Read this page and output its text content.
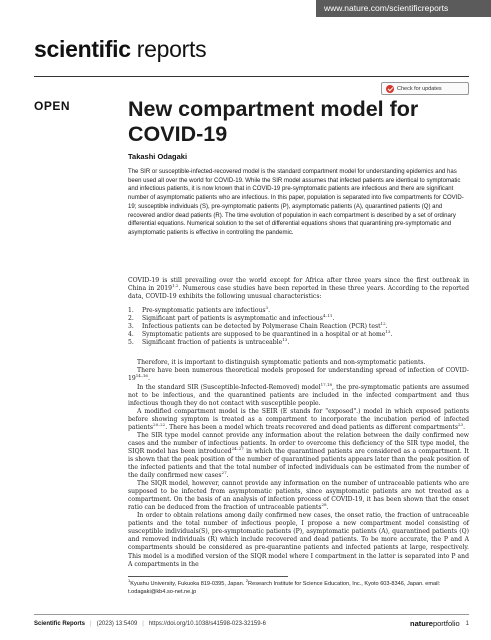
www.nature.com/scientificreports
scientific reports
Check for updates
OPEN	New compartment model for COVID-19
Takashi Odagaki
The SIR or susceptible-infected-recovered model is the standard compartment model for understanding epidemics and has been used all over the world for COVID-19. While the SIR model assumes that infected patients are identical to symptomatic and infectious patients, it is now known that in COVID-19 pre-symptomatic patients are infectious and there are significant number of asymptomatic patients who are infectious. In this paper, population is separated into five compartments for COVID-19; susceptible individuals (S), pre-symptomatic patients (P), asymptomatic patients (A), quarantined patients (Q) and recovered and/or dead patients (R). The time evolution of population in each compartment is described by a set of ordinary differential equations. Numerical solution to the set of differential equations shows that quarantining pre-symptomatic and asymptomatic patients is effective in controlling the pandemic.

COVID-19 is still prevailing over the world except for Africa after three years since the first outbreak in China in 2019$^{1,2}$. Numerous case studies have been reported in these three years. According to the reported data, COVID-19 exhibits the following unusual characteristics:

1.	Pre-symptomatic patients are infectious$^3$.
2.	Significant part of patients is asymptomatic and infectious$^{4-11}$.
3.	Infectious patients can be detected by Polymerase Chain Reaction (PCR) test$^{12}$.
4.	Symptomatic patients are supposed to be quarantined in a hospital or at home$^{13}$.
5.	Significant fraction of patients is untraceable$^{13}$.

Therefore, it is important to distinguish symptomatic patients and non-symptomatic patients.

There have been numerous theoretical models proposed for understanding spread of infection of COVID-19$^{14-16}$.

In the standard SIR (Susceptible-Infected-Removed) model$^{17,18}$, the pre-symptomatic patients are assumed not to be infectious, and the quarantined patients are included in the infected compartment and thus infectious though they do not contact with susceptible people.

A modified compartment model is the SEIR (E stands for "exposed".) model in which exposed patients before showing symptom is treated as a compartment to incorporate the incubation period of infected patients$^{20-22}$. There has been a model which treats recovered and dead patients as different compartments$^{23}$.

The SIR type model cannot provide any information about the relation between the daily confirmed new cases and the number of infectious patients. In order to overcome this deficiency of the SIR type model, the SIQR model has been introduced$^{24-27}$ in which the quarantined patients are considered as a compartment. It is shown that the peak position of the number of quarantined patients appears later than the peak position of the infected patients and that the total number of infected individuals can be estimated from the number of the daily confirmed new cases$^{27}$.

The SIQR model, however, cannot provide any information on the number of untraceable patients who are supposed to be infected from asymptomatic patients, since asymptomatic patients are not treated as a compartment. On the basis of an analysis of infection process of COVID-19, it has been shown that the onset ratio can be deduced from the fraction of untraceable patients$^{28}$.

In order to obtain relations among daily confirmed new cases, the onset ratio, the fraction of untraceable patients and the total number of infectious people, I propose a new compartment model consisting of susceptible individuals(S), pre-symptomatic patients (P), asymptomatic patients (A), quarantined patients (Q) and removed individuals (R) which include recovered and dead patients. To be more accurate, the P and A compartments should be considered as pre-quarantine patients and infected patients at large, respectively. This model is a modified version of the SIQR model where I compartment in the latter is separated into P and A compartments in the

$^1$Kyushu University, Fukuoka 819-0395, Japan. $^2$Research Institute for Science Education, Inc., Kyoto 603-8346, Japan. email: t.odagaki@kb4.so-net.ne.jp
Scientific Reports | (2023) 13:5409 | https://doi.org/10.1038/s41598-023-32159-6	natureportfolio 1
